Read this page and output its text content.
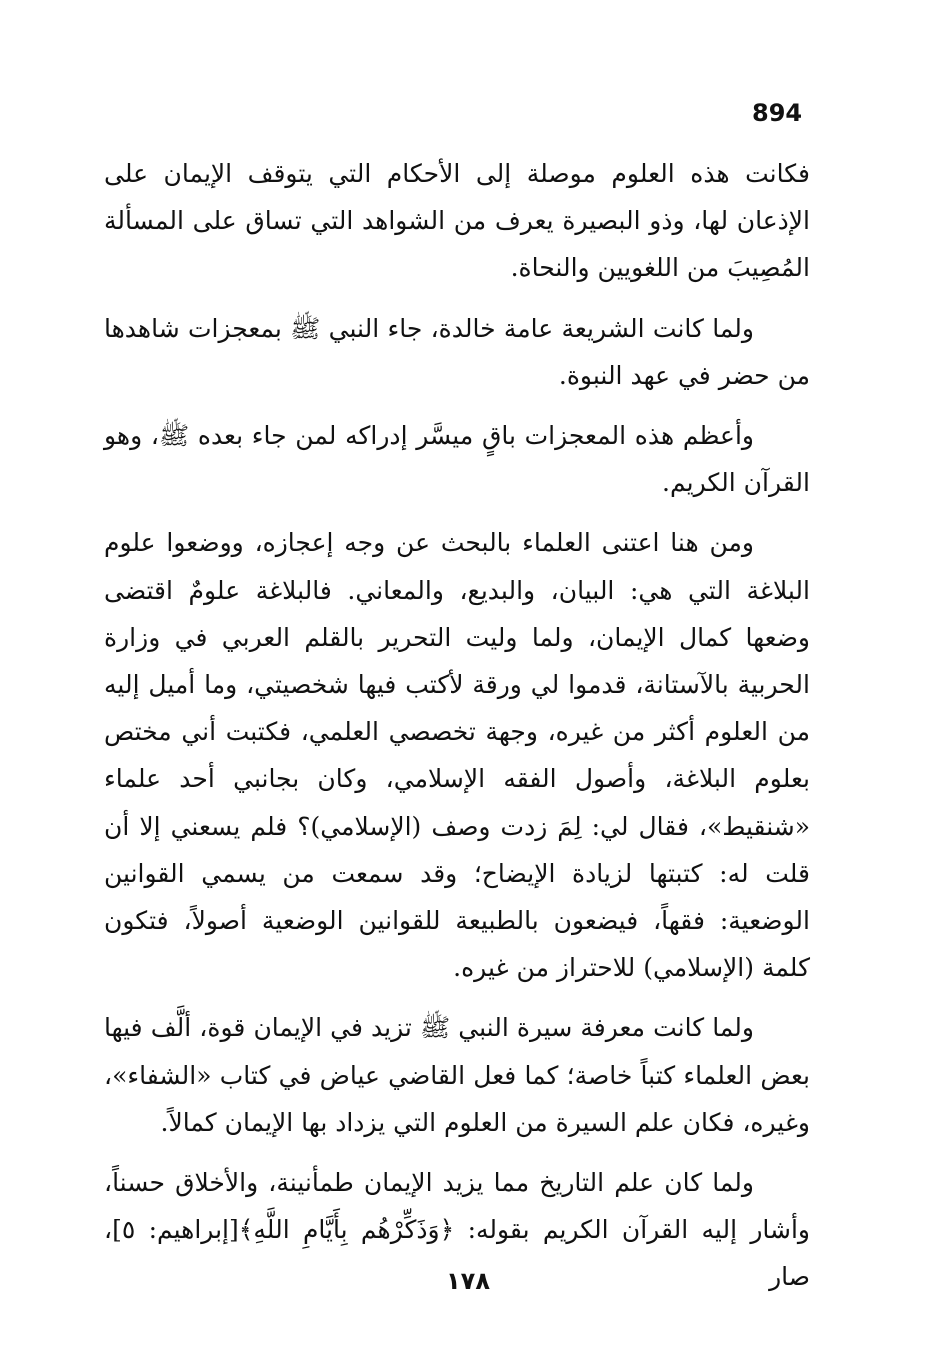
894

فكانت هذه العلوم موصلة إلى الأحكام التي يتوقف الإيمان على الإذعان لها، وذو البصيرة يعرف من الشواهد التي تساق على المسألة المُصِيبَ من اللغويين والنحاة.

ولما كانت الشريعة عامة خالدة، جاء النبي ﷺ بمعجزات شاهدها من حضر في عهد النبوة.

وأعظم هذه المعجزات باقٍ ميسَّر إدراكه لمن جاء بعده ﷺ، وهو القرآن الكريم.

ومن هنا اعتنى العلماء بالبحث عن وجه إعجازه، ووضعوا علوم البلاغة التي هي: البيان، والبديع، والمعاني. فالبلاغة علومٌ اقتضى وضعها كمال الإيمان، ولما وليت التحرير بالقلم العربي في وزارة الحربية بالآستانة، قدموا لي ورقة لأكتب فيها شخصيتي، وما أميل إليه من العلوم أكثر من غيره، وجهة تخصصي العلمي، فكتبت أني مختص بعلوم البلاغة، وأصول الفقه الإسلامي، وكان بجانبي أحد علماء «شنقيط»، فقال لي: لِمَ زدت وصف (الإسلامي)؟ فلم يسعني إلا أن قلت له: كتبتها لزيادة الإيضاح؛ وقد سمعت من يسمي القوانين الوضعية: فقهاً، فيضعون بالطبيعة للقوانين الوضعية أصولاً، فتكون كلمة (الإسلامي) للاحتراز من غيره.

ولما كانت معرفة سيرة النبي ﷺ تزيد في الإيمان قوة، ألَّف فيها بعض العلماء كتباً خاصة؛ كما فعل القاضي عياض في كتاب «الشفاء»، وغيره، فكان علم السيرة من العلوم التي يزداد بها الإيمان كمالاً.

ولما كان علم التاريخ مما يزيد الإيمان طمأنينة، والأخلاق حسناً، وأشار إليه القرآن الكريم بقوله: ﴿وَذَكِّرْهُم بِأَيَّامِ اللَّهِ﴾[إبراهيم: ٥]، صار

١٧٨
